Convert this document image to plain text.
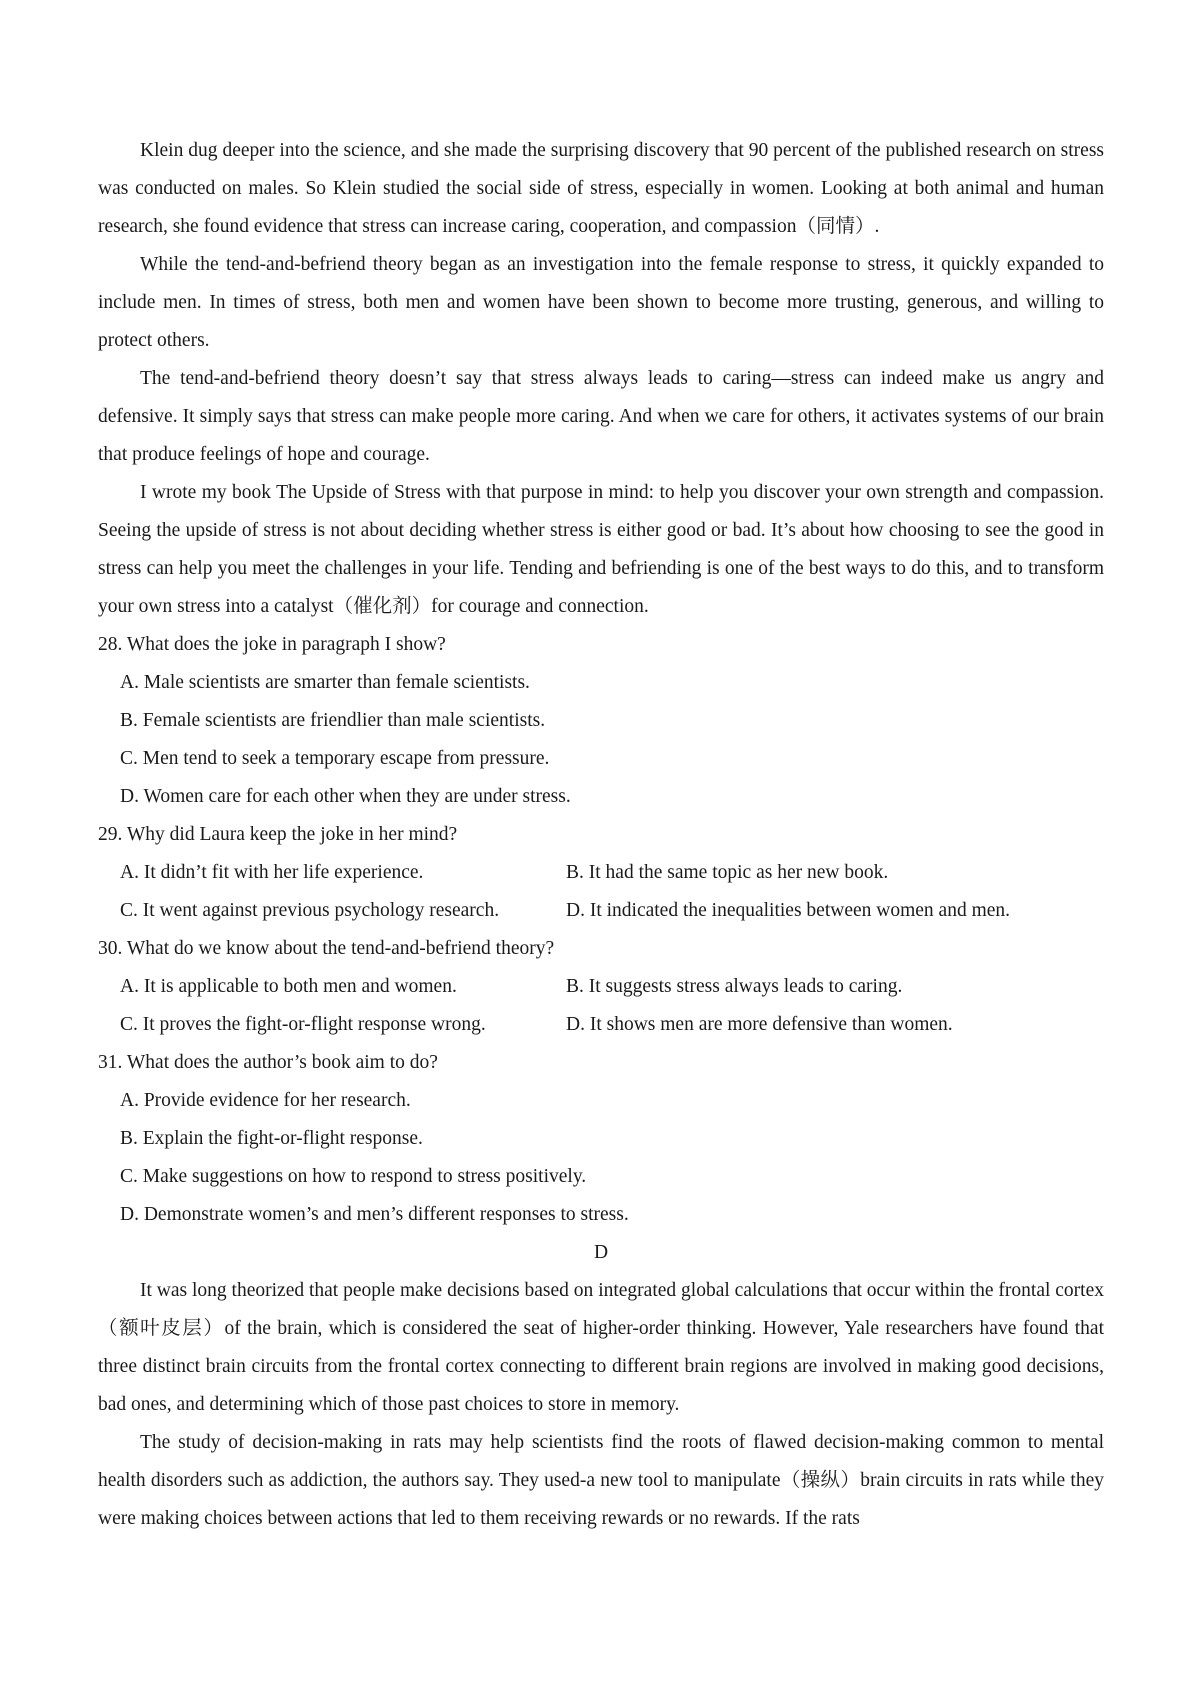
Klein dug deeper into the science, and she made the surprising discovery that 90 percent of the published research on stress was conducted on males. So Klein studied the social side of stress, especially in women. Looking at both animal and human research, she found evidence that stress can increase caring, cooperation, and compassion（同情）.

While the tend-and-befriend theory began as an investigation into the female response to stress, it quickly expanded to include men. In times of stress, both men and women have been shown to become more trusting, generous, and willing to protect others.

The tend-and-befriend theory doesn’t say that stress always leads to caring—stress can indeed make us angry and defensive. It simply says that stress can make people more caring. And when we care for others, it activates systems of our brain that produce feelings of hope and courage.

I wrote my book The Upside of Stress with that purpose in mind: to help you discover your own strength and compassion. Seeing the upside of stress is not about deciding whether stress is either good or bad. It’s about how choosing to see the good in stress can help you meet the challenges in your life. Tending and befriending is one of the best ways to do this, and to transform your own stress into a catalyst（催化剂）for courage and connection.

28. What does the joke in paragraph I show?

A. Male scientists are smarter than female scientists.

B. Female scientists are friendlier than male scientists.

C. Men tend to seek a temporary escape from pressure.

D. Women care for each other when they are under stress.

29. Why did Laura keep the joke in her mind?

A. It didn’t fit with her life experience.	B. It had the same topic as her new book.
C. It went against previous psychology research.	D. It indicated the inequalities between women and men.

30. What do we know about the tend-and-befriend theory?

A. It is applicable to both men and women.	B. It suggests stress always leads to caring.
C. It proves the fight-or-flight response wrong.	D. It shows men are more defensive than women.

31. What does the author’s book aim to do?

A. Provide evidence for her research.

B. Explain the fight-or-flight response.

C. Make suggestions on how to respond to stress positively.

D. Demonstrate women’s and men’s different responses to stress.

D

It was long theorized that people make decisions based on integrated global calculations that occur within the frontal cortex（额叶皮层）of the brain, which is considered the seat of higher-order thinking. However, Yale researchers have found that three distinct brain circuits from the frontal cortex connecting to different brain regions are involved in making good decisions, bad ones, and determining which of those past choices to store in memory.

The study of decision-making in rats may help scientists find the roots of flawed decision-making common to mental health disorders such as addiction, the authors say. They used-a new tool to manipulate（操纵）brain circuits in rats while they were making choices between actions that led to them receiving rewards or no rewards. If the rats
